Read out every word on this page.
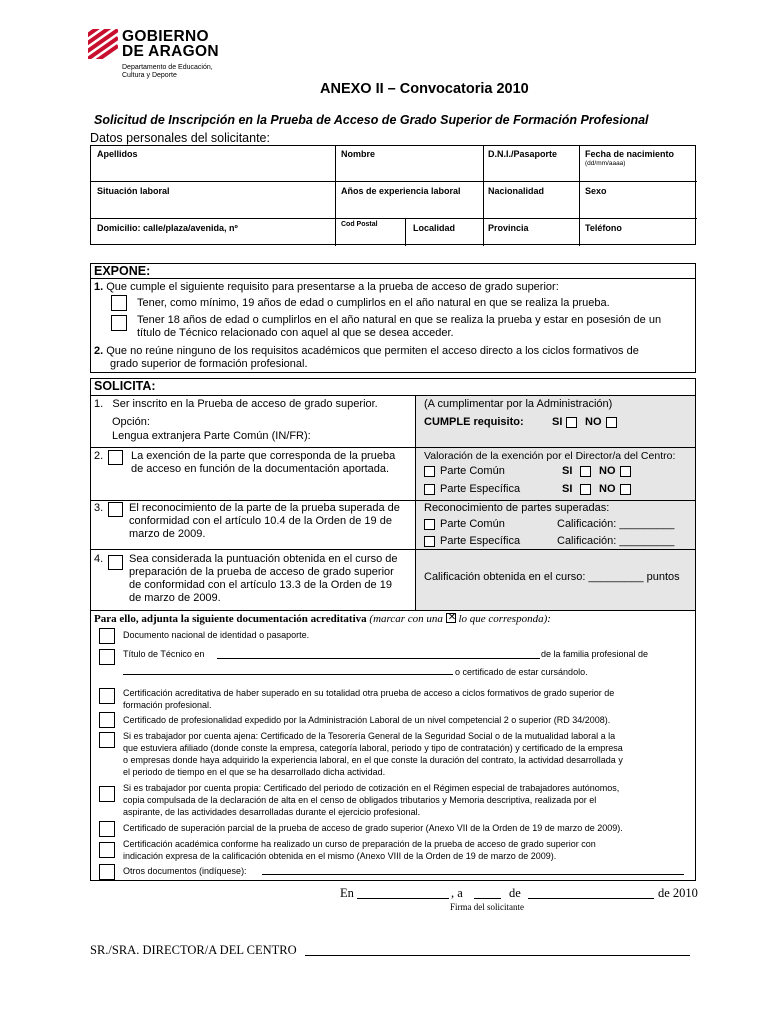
GOBIERNO
DE ARAGON
Departamento de Educación,
Cultura y Deporte
ANEXO II – Convocatoria 2010
Solicitud de Inscripción en la Prueba de Acceso de Grado Superior de Formación Profesional
Datos personales del solicitante:
Apellidos	Nombre	D.N.I./Pasaporte	Fecha de nacimiento
(dd/mm/aaaa)
Situación laboral	Años de experiencia laboral	Nacionalidad	Sexo
Domicilio: calle/plaza/avenida, nº	Cod Postal	Localidad	Provincia	Teléfono
EXPONE:
1. Que cumple el siguiente requisito para presentarse a la prueba de acceso de grado superior:
Tener, como mínimo, 19 años de edad o cumplirlos en el año natural en que se realiza la prueba.
Tener 18 años de edad o cumplirlos en el año natural en que se realiza la prueba y estar en posesión de un
título de Técnico relacionado con aquel al que se desea acceder.
2. Que no reúne ninguno de los requisitos académicos que permiten el acceso directo a los ciclos formativos de
grado superior de formación profesional.
SOLICITA:
1. Ser inscrito en la Prueba de acceso de grado superior.
Opción:
Lengua extranjera Parte Común (IN/FR):
(A cumplimentar por la Administración)
CUMPLE requisito:	SI NO
2.	La exención de la parte que corresponda de la prueba
de acceso en función de la documentación aportada.
Valoración de la exención por el Director/a del Centro:
Parte Común	SI NO
Parte Específica	SI NO
3. El reconocimiento de la parte de la prueba superada de
conformidad con el artículo 10.4 de la Orden de 19 de
marzo de 2009.
Reconocimiento de partes superadas:
Parte Común	Calificación: _________
Parte Específica	Calificación: _________
4. Sea considerada la puntuación obtenida en el curso de
preparación de la prueba de acceso de grado superior
de conformidad con el artículo 13.3 de la Orden de 19
de marzo de 2009.
Calificación obtenida en el curso: _________ puntos
Para ello, adjunta la siguiente documentación acreditativa (marcar con una ✕ lo que corresponda):
Documento nacional de identidad o pasaporte.
Título de Técnico en	de la familia profesional de
o certificado de estar cursándolo.
Certificación acreditativa de haber superado en su totalidad otra prueba de acceso a ciclos formativos de grado superior de
formación profesional.
Certificado de profesionalidad expedido por la Administración Laboral de un nivel competencial 2 o superior (RD 34/2008).
Si es trabajador por cuenta ajena: Certificado de la Tesorería General de la Seguridad Social o de la mutualidad laboral a la
que estuviera afiliado (donde conste la empresa, categoría laboral, periodo y tipo de contratación) y certificado de la empresa
o empresas donde haya adquirido la experiencia laboral, en el que conste la duración del contrato, la actividad desarrollada y
el periodo de tiempo en el que se ha desarrollado dicha actividad.
Si es trabajador por cuenta propia: Certificado del periodo de cotización en el Régimen especial de trabajadores autónomos,
copia compulsada de la declaración de alta en el censo de obligados tributarios y Memoria descriptiva, realizada por el
aspirante, de las actividades desarrolladas durante el ejercicio profesional.
Certificado de superación parcial de la prueba de acceso de grado superior (Anexo VII de la Orden de 19 de marzo de 2009).
Certificación académica conforme ha realizado un curso de preparación de la prueba de acceso de grado superior con
indicación expresa de la calificación obtenida en el mismo (Anexo VIII de la Orden de 19 de marzo de 2009).
Otros documentos (indíquese):
En	, a	de	de 2010
Firma del solicitante
SR./SRA. DIRECTOR/A DEL CENTRO
